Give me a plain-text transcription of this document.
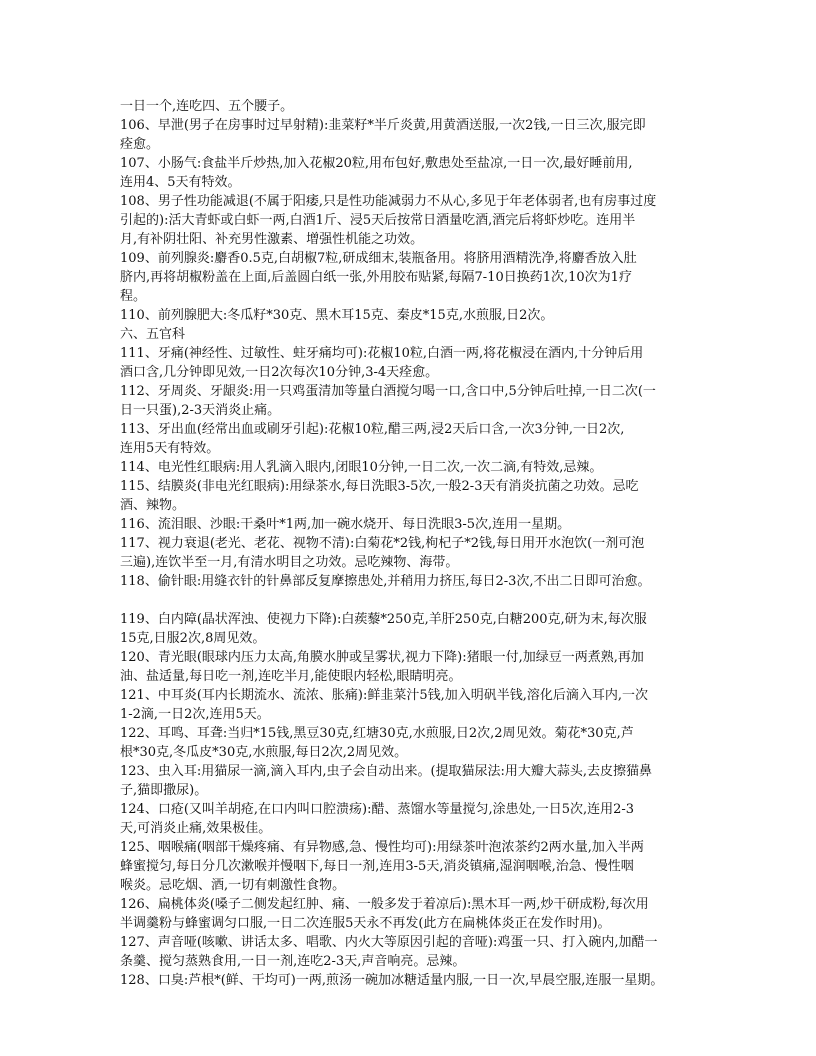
一日一个,连吃四、五个腰子。
106、早泄(男子在房事时过早射精):韭菜籽*半斤炎黄,用黄酒送服,一次2钱,一日三次,服完即
痊愈。
107、小肠气:食盐半斤炒热,加入花椒20粒,用布包好,敷患处至盐凉,一日一次,最好睡前用,
连用4、5天有特效。
108、男子性功能减退(不属于阳痿,只是性功能减弱力不从心,多见于年老体弱者,也有房事过度
引起的):活大青虾或白虾一两,白酒1斤、浸5天后按常日酒量吃酒,酒完后将虾炒吃。连用半
月,有补阴壮阳、补充男性激素、增强性机能之功效。
109、前列腺炎:麝香0.5克,白胡椒7粒,研成细末,装瓶备用。将脐用酒精洗净,将麝香放入肚
脐内,再将胡椒粉盖在上面,后盖圆白纸一张,外用胶布贴紧,每隔7-10日换药1次,10次为1疗
程。
110、前列腺肥大:冬瓜籽*30克、黑木耳15克、秦皮*15克,水煎服,日2次。
六、五官科
111、牙痛(神经性、过敏性、蛀牙痛均可):花椒10粒,白酒一两,将花椒浸在酒内,十分钟后用
酒口含,几分钟即见效,一日2次每次10分钟,3-4天痊愈。
112、牙周炎、牙龈炎:用一只鸡蛋清加等量白酒搅匀喝一口,含口中,5分钟后吐掉,一日二次(一
日一只蛋),2-3天消炎止痛。
113、牙出血(经常出血或刷牙引起):花椒10粒,醋三两,浸2天后口含,一次3分钟,一日2次,
连用5天有特效。
114、电光性红眼病:用人乳滴入眼内,闭眼10分钟,一日二次,一次二滴,有特效,忌辣。
115、结膜炎(非电光红眼病):用绿茶水,每日洗眼3-5次,一般2-3天有消炎抗菌之功效。忌吃
酒、辣物。
116、流泪眼、沙眼:干桑叶*1两,加一碗水烧开、每日洗眼3-5次,连用一星期。
117、视力衰退(老光、老花、视物不清):白菊花*2钱,枸杞子*2钱,每日用开水泡饮(一剂可泡
三遍),连饮半至一月,有清水明目之功效。忌吃辣物、海带。
118、偷针眼:用缝衣针的针鼻部反复摩擦患处,并稍用力挤压,每日2-3次,不出二日即可治愈。
119、白内障(晶状浑浊、使视力下降):白蒺藜*250克,羊肝250克,白糖200克,研为末,每次服
15克,日服2次,8周见效。
120、青光眼(眼球内压力太高,角膜水肿或呈雾状,视力下降):猪眼一付,加绿豆一两煮熟,再加
油、盐适量,每日吃一剂,连吃半月,能使眼内轻松,眼睛明亮。
121、中耳炎(耳内长期流水、流浓、胀痛):鲜韭菜汁5钱,加入明矾半钱,溶化后滴入耳内,一次
1-2滴,一日2次,连用5天。
122、耳鸣、耳聋:当归*15钱,黑豆30克,红塘30克,水煎服,日2次,2周见效。菊花*30克,芦
根*30克,冬瓜皮*30克,水煎服,每日2次,2周见效。
123、虫入耳:用猫尿一滴,滴入耳内,虫子会自动出来。(提取猫尿法:用大瓣大蒜头,去皮擦猫鼻
子,猫即撒尿)。
124、口疮(又叫羊胡疮,在口内叫口腔溃疡):醋、蒸馏水等量搅匀,涂患处,一日5次,连用2-3
天,可消炎止痛,效果极佳。
125、咽喉痛(咽部干燥疼痛、有异物感,急、慢性均可):用绿茶叶泡浓茶约2两水量,加入半两
蜂蜜搅匀,每日分几次漱喉并慢咽下,每日一剂,连用3-5天,消炎镇痛,湿润咽喉,治急、慢性咽
喉炎。忌吃烟、酒,一切有刺激性食物。
126、扁桃体炎(嗓子二侧发起红肿、痛、一般多发于着凉后):黑木耳一两,炒干研成粉,每次用
半调羹粉与蜂蜜调匀口服,一日二次连服5天永不再发(此方在扁桃体炎正在发作时用)。
127、声音哑(咳嗽、讲话太多、唱歌、内火大等原因引起的音哑):鸡蛋一只、打入碗内,加醋一
条羹、搅匀蒸熟食用,一日一剂,连吃2-3天,声音响亮。忌辣。
128、口臭:芦根*(鲜、干均可)一两,煎汤一碗加冰糖适量内服,一日一次,早晨空服,连服一星期。
